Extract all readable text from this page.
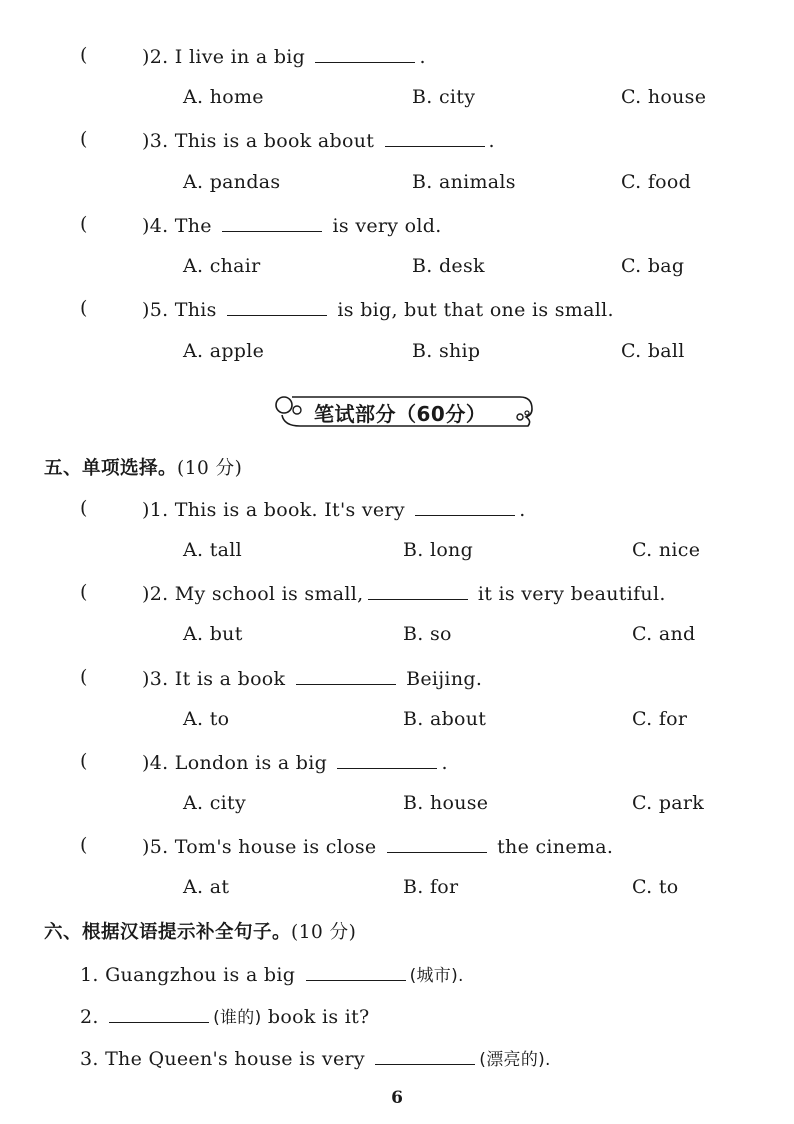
(	)2. I live in a big	.
A. home	B. city	C. house
(	)3. This is a book about	.
A. pandas	B. animals	C. food
(	)4. The	is very old.
A. chair	B. desk	C. bag
(	)5. This	is big, but that one is small.
A. apple	B. ship	C. ball
笔试部分（60分）
五、单项选择。(10 分)
(	)1. This is a book. It's very	.
A. tall	B. long	C. nice
(	)2. My school is small,	it is very beautiful.
A. but	B. so	C. and
(	)3. It is a book	Beijing.
A. to	B. about	C. for
(	)4. London is a big	.
A. city	B. house	C. park
(	)5. Tom's house is close	the cinema.
A. at	B. for	C. to
六、根据汉语提示补全句子。(10 分)
1. Guangzhou is a big	(城市).
2.	(谁的) book is it?
3. The Queen's house is very	(漂亮的).
6
